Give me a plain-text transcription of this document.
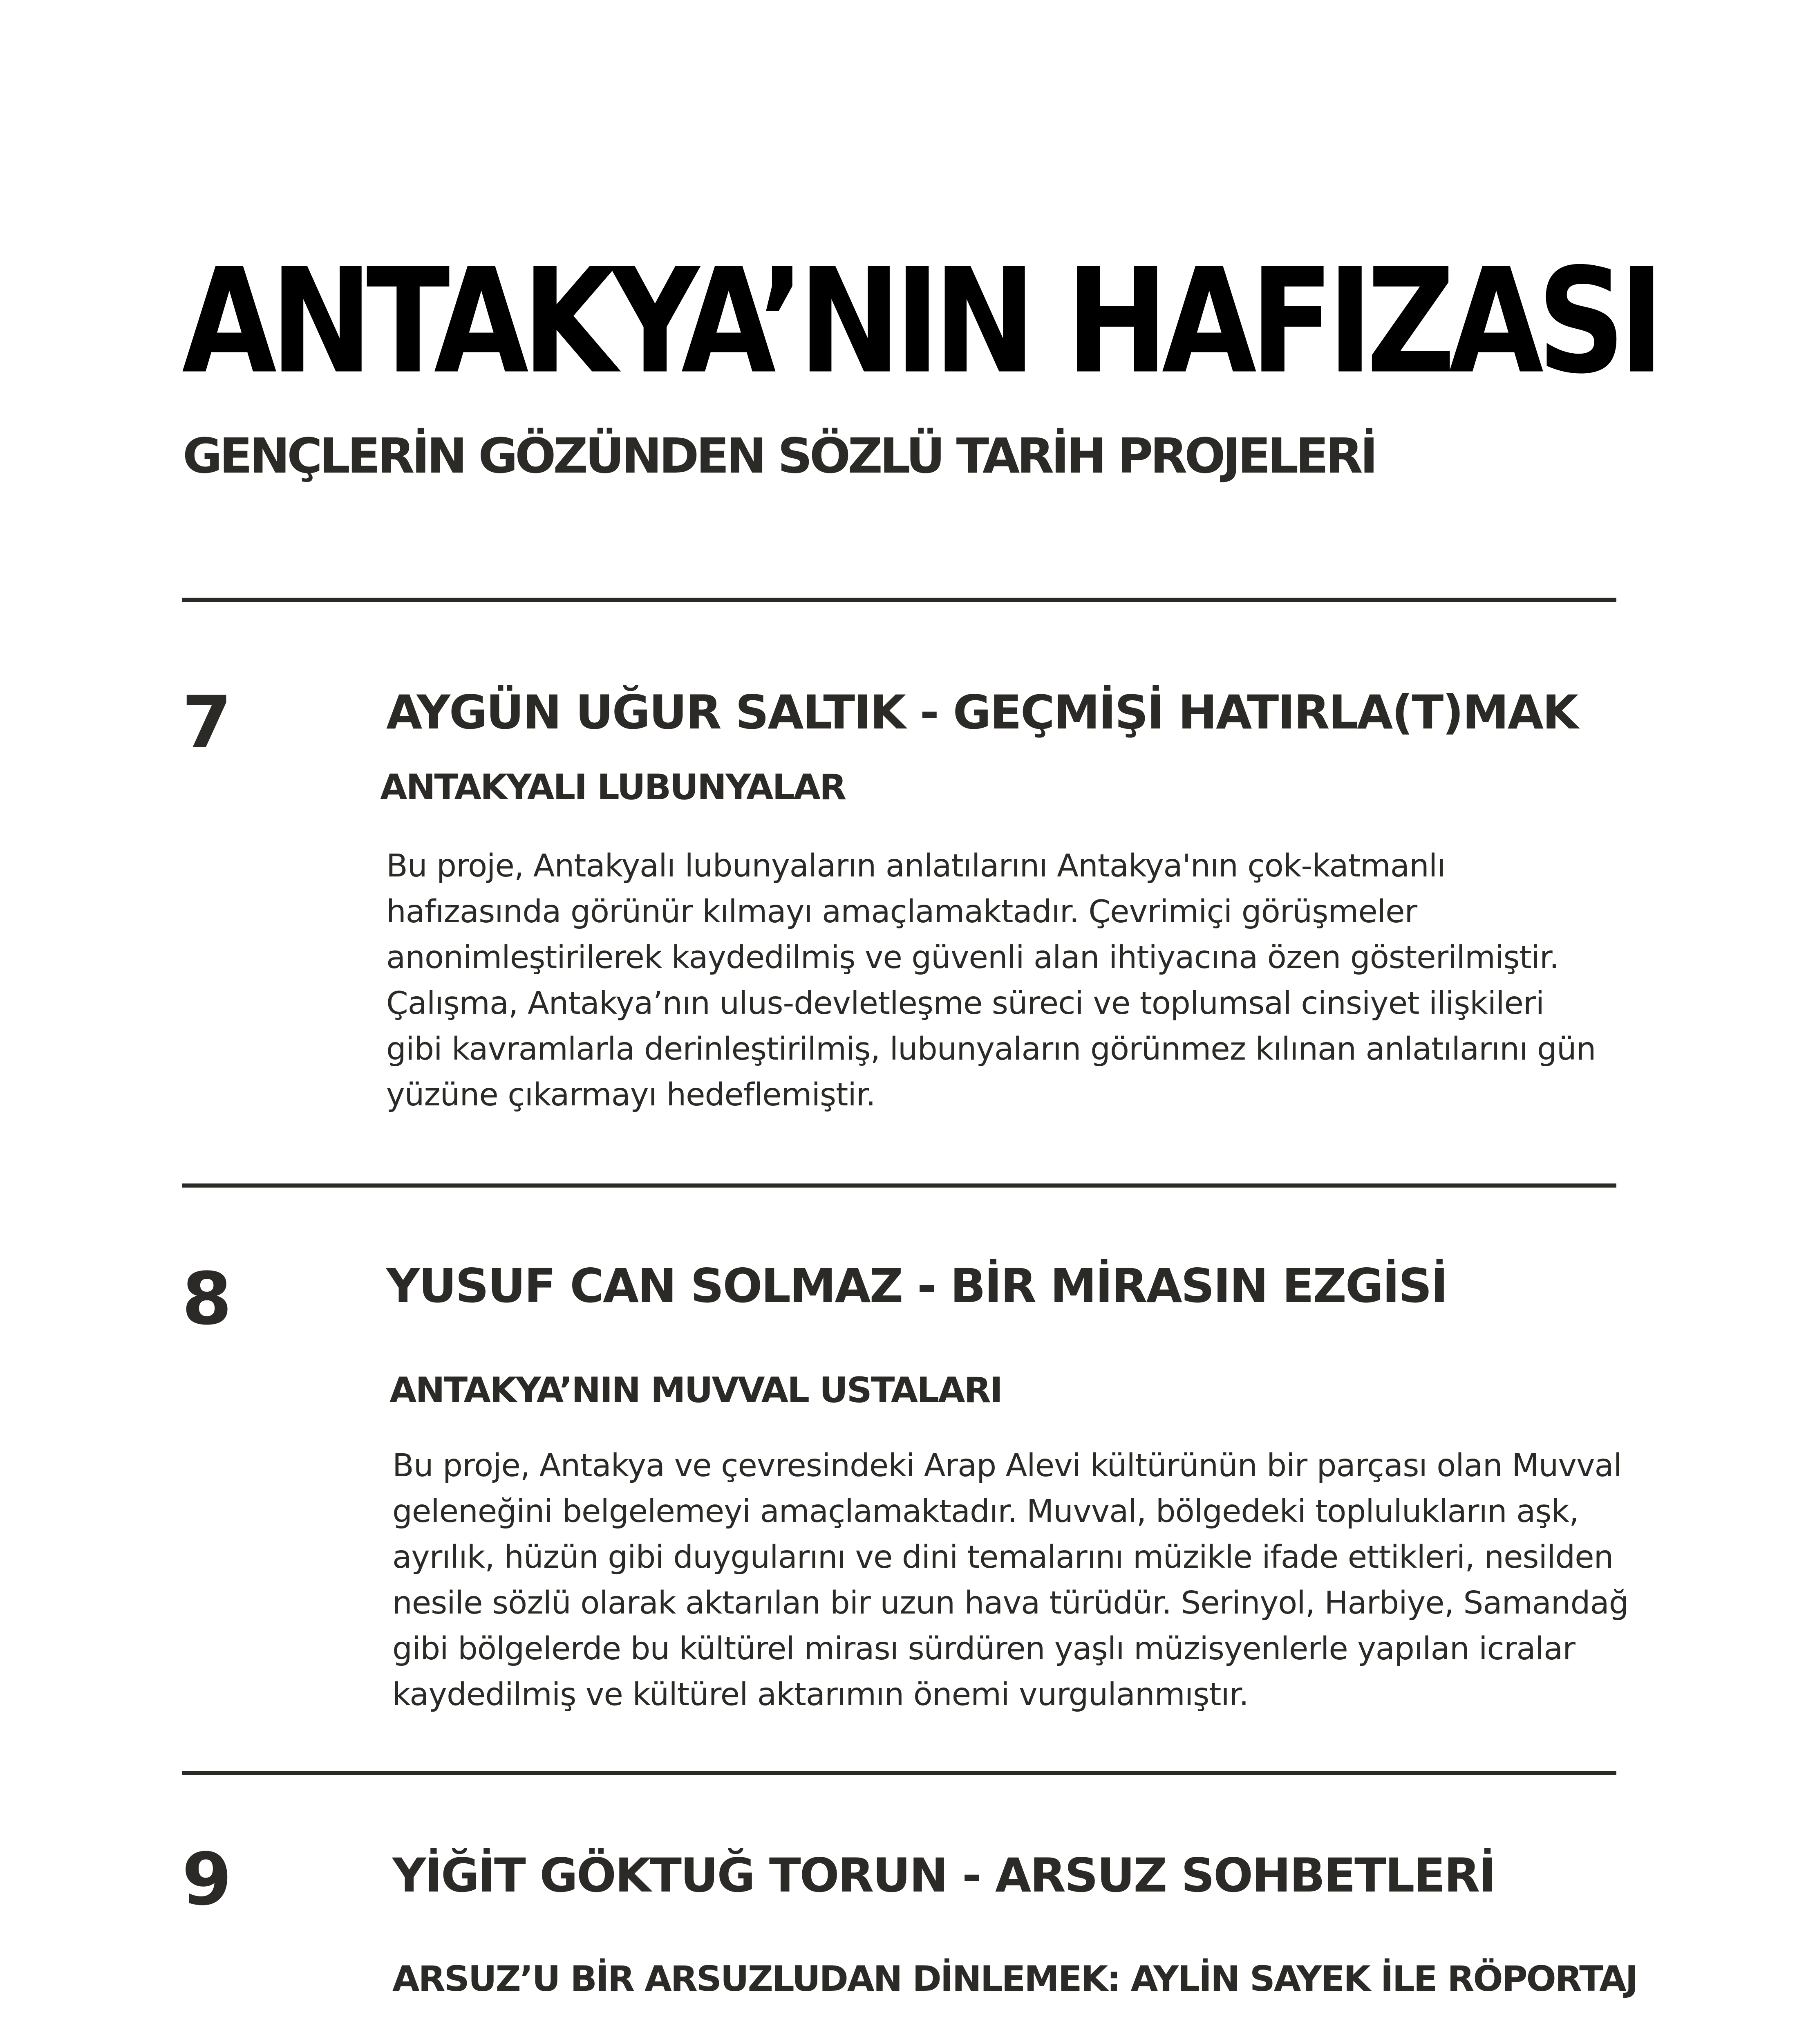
ANTAKYA’NIN HAFIZASI
GENÇLERİN GÖZÜNDEN SÖZLÜ TARİH PROJELERİ
7	AYGÜN UĞUR SALTIK - GEÇMİŞİ HATIRLA(T)MAK
ANTAKYALI LUBUNYALAR
Bu proje, Antakyalı lubunyaların anlatılarını Antakya'nın çok-katmanlı
hafızasında görünür kılmayı amaçlamaktadır. Çevrimiçi görüşmeler
anonimleştirilerek kaydedilmiş ve güvenli alan ihtiyacına özen gösterilmiştir.
Çalışma, Antakya’nın ulus-devletleşme süreci ve toplumsal cinsiyet ilişkileri
gibi kavramlarla derinleştirilmiş, lubunyaların görünmez kılınan anlatılarını gün
yüzüne çıkarmayı hedeflemiştir.
8	YUSUF CAN SOLMAZ - BİR MİRASIN EZGİSİ
ANTAKYA’NIN MUVVAL USTALARI
Bu proje, Antakya ve çevresindeki Arap Alevi kültürünün bir parçası olan Muvval
geleneğini belgelemeyi amaçlamaktadır. Muvval, bölgedeki toplulukların aşk,
ayrılık, hüzün gibi duygularını ve dini temalarını müzikle ifade ettikleri, nesilden
nesile sözlü olarak aktarılan bir uzun hava türüdür. Serinyol, Harbiye, Samandağ
gibi bölgelerde bu kültürel mirası sürdüren yaşlı müzisyenlerle yapılan icralar
kaydedilmiş ve kültürel aktarımın önemi vurgulanmıştır.
9	YİĞİT GÖKTUĞ TORUN - ARSUZ SOHBETLERİ
ARSUZ’U BİR ARSUZLUDAN DİNLEMEK: AYLİN SAYEK İLE RÖPORTAJ
